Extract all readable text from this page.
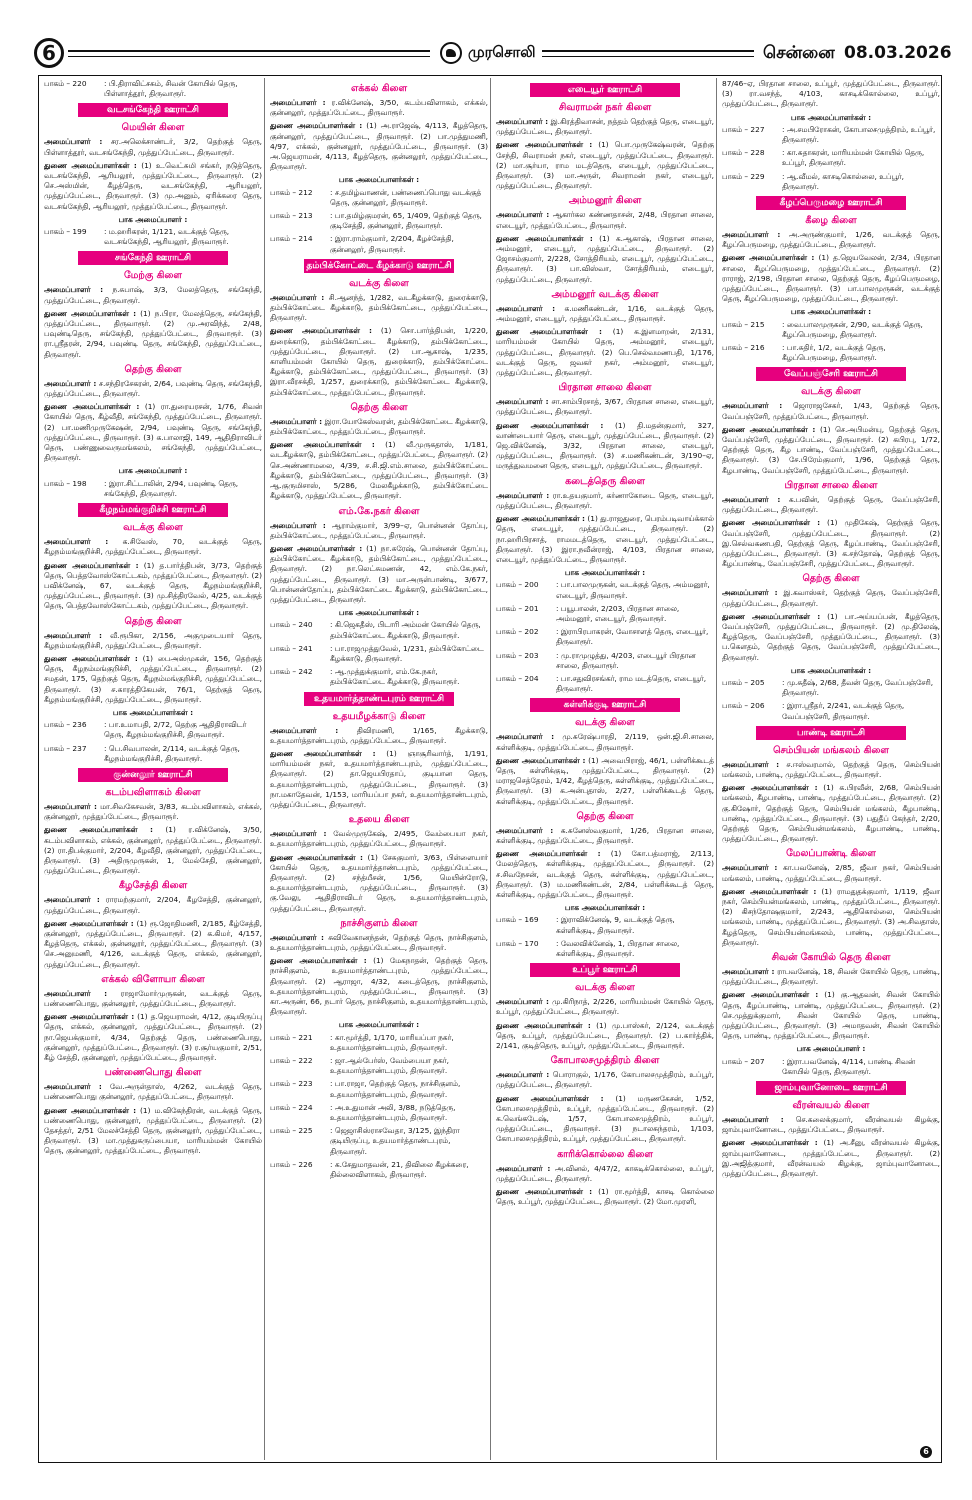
6	முரசொலி	சென்னை 08.03.2026
பாகம் – 220	: பி.திராவிட்சசும், சிவன் கோயில் தெரு, பிள்ளாத்தூர், திருவாரூர்.
வடசங்கேந்தி ஊராட்சி
மெயின் கிளை

அமைப்பாளர் : சர.அலெக்சாண்டர், 3/2, தெற்குத் தெரு, பிள்ளாத்தூர், வடசங்கேந்தி, முத்துப்பேட்டை, திருவாரூர்.

துணை அமைப்பாளர்கள் : (1) உ.வெட்சுமி சங்கர், நடுத்தெரு, வடசங்கேந்தி, ஆரியலூர், முத்துப்பேட்டை, திருவாரூர். (2) செ.அஸ்மின், கீழத்தெரு, வடசங்கேந்தி, ஆரியலூர், முத்துப்பேட்டை, திருவாரூர். (3) மு.அனும், ஏரிக்கரை தெரு, வடசங்கேந்தி, ஆரியலூர், முத்துப்பேட்டை, திருவாரூர்.

பாக அமைப்பாளர் :
பாகம் – 199	: ம.ஹரிகரன், 1/121, வடக்குத் தெரு, வடசங்கேந்தி, ஆரியலூர், திருவாரூர்.
சங்கேந்தி ஊராட்சி
மேற்கு கிளை

அமைப்பாளர் : ந.சுபாஷ், 3/3, மேலத்தெரு, சங்கேந்தி, முத்துப்பேட்டை, திருவாரூர்.

துணை அமைப்பாளர்கள் : (1) ந.பிரா, மேலத்தெரு, சங்கேந்தி, முத்துப்பேட்டை, திருவாரூர். (2) மு.அரவிந்த், 2/48, பவுண்டிதெரு, சங்கேந்தி, முத்துப்பேட்டை, திருவாரூர். (3) ரா.ஸ்ரீதரன், 2/94, பவுண்டி தெரு, சங்கேந்தி, முத்துப்பேட்டை, திருவாரூர்.

தெற்கு கிளை

அமைப்பாளர் : ச.சந்திரசேகரன், 2/64, பவுண்டி தெரு, சங்கேந்தி, முத்துப்பேட்டை, திருவாரூர்.

துணை அமைப்பாளர்கள் : (1) ரா.துரையரசன், 1/76, சிவன் கோயில் தெரு, கீழ்வீதி, சங்கேந்தி, முத்துப்பேட்டை, திருவாரூர். (2) பா.மணிமுருகேஷன், 2/94, பவுண்டி தெரு, சங்கேந்தி, முத்துப்பேட்டை, திருவாரூர். (3) க.பாலாஜி, 149, ஆதிதிராவிடர் தெரு, பண்ணுவைருமங்கலம், சங்கேந்தி, முத்துப்பேட்டை, திருவாரூர்.

பாக அமைப்பாளர் :
பாகம் – 198	: இரா.சிட்டாலின், 2/94, பவுண்டி தெரு, சங்கேந்தி, திருவாரூர்.
கீழநம்மங்குறிச்சி ஊராட்சி
வடக்கு கிளை

அமைப்பாளர் : க.சிவேஸ், 70, வடக்குத் தெரு, கீழநம்மங்குறிச்சி, முத்துப்பேட்டை, திருவாரூர்.

துணை அமைப்பாளர்கள் : (1) த.பார்த்திபன், 3/73, தெற்குத் தெரு, பெத்தவோஸ்கோட்டகம், முத்துப்பேட்டை, திருவாரூர். (2) பவிக்னேஷ், 67, வடக்குத் தெரு, கீழநம்மங்குறிச்சி, முத்துப்பேட்டை, திருவாரூர். (3) மு.சித்திரவேல், 4/25, வடக்குத் தெரு, பெத்தவோஸ்கோட்டகம், முத்துப்பேட்டை, திருவாரூர்.

தெற்கு கிளை

அமைப்பாளர் : வீ.ரூபிகா, 2/156, அகுமுடையார் தெரு, கீழநம்மங்குறிச்சி, முத்துப்பேட்டை, திருவாரூர்.

துணை அமைப்பாளர்கள் : (1) பைஅஸ்முகன், 156, தெற்குத் தெரு, கீழநம்மங்குறிச்சி, முத்துப்பேட்டை, திருவாரூர். (2) சமதன், 175, தெற்குத் தெரு, கீழநம்மங்குறிச்சி, முத்துப்பேட்டை, திருவாரூர். (3) ச.காரத்திகேயன், 76/1, தெற்குத் தெரு, கீழநம்மங்குறிச்சி, முத்துப்பேட்டை, திருவாரூர்.

பாக அமைப்பாளர்கள் :
பாகம் – 236	: பா.உமாபதி, 2/72, தெற்கு ஆதிதிராவிடர் தெரு, கீழநம்மங்குறிச்சி, திருவாரூர்.
பாகம் – 237	: பெ.சிவபாலன், 2/114, வடக்குத் தெரு, கீழநம்மங்குறிச்சி, திருவாரூர்.
குன்னலூர் ஊராட்சி
கடம்பவிளாகம் கிளை

அமைப்பாளர் : மா.சிவகேசவன், 3/83, கடம்பவிளாகம், எக்கல், குன்னலூர், முத்துப்பேட்டை, திருவாரூர்.

துணை அமைப்பாளர்கள் : (1) ர.விக்னேஷ், 3/50, கடம்பவிளாகம், எக்கல், குன்னலூர், முத்துப்பேட்டை, திருவாரூர். (2) ரா.திபக்குமார், 2/204, கீழவீதி, குன்னலூர், முத்துப்பேட்டை, திருவாரூர். (3) அதிருமுருகன், 1, மேல்சேதி, குன்னலூர், முத்துப்பேட்டை, திருவாரூர்.

கீழசேத்தி கிளை

அமைப்பாளர் : ராரமற்குமார், 2/204, கீழசேத்தி, குன்னலூர், முத்துப்பேட்டை, திருவாரூர்.

துணை அமைப்பாளர்கள் : (1) ரூ.ஜோதிமணி, 2/185, கீழ்சேத்தி, குன்னலூர், முத்துப்பேட்டை, திருவாரூர். (2) க.கிமர், 4/157, கீழத்தெரு, எக்கல், குன்னலூர், முத்துப்பேட்டை, திருவாரூர். (3) செ.அனுமணி, 4/126, வடக்குத் தெரு, எக்கல், குன்னலூர், முத்துப்பேட்டை, திருவாரூர்.

எக்கல் விளோயா கிளை

அமைப்பாளர் : ராஜாமோர்முருகன், வடக்குத் தெரு, பண்ணைபொது, குன்னலூர், முத்துப்பேட்டை, திருவாரூர்.

துணை அமைப்பாளர்கள் : (1) த.ஜெயராமன், 4/12, குடியிருப்பு தெரு, எக்கல், குன்னலூர், முத்துப்பேட்டை, திருவாரூர். (2) நா.ஜெயக்குமார், 4/34, தெற்குத் தெரு, பண்ணைபொது, குன்னலூர், முத்துப்பேட்டை, திருவாரூர். (3) ர.சூர்யகுமார், 2/51, கீழ் சேத்தி, குன்னலூர், முத்துப்பேட்டை, திருவாரூர்.

பண்ணைபொது கிளை

அமைப்பாளர் : வே.அருள்தாஸ், 4/262, வடக்குத் தெரு, பண்ணைபொது குன்னலூர், முத்துப்பேட்டை, திருவாரூர்.

துணை அமைப்பாளர்கள் : (1) ம.விகேந்திரன், வடக்குத் தெரு, பண்ணைபொது, குன்னலூர், முத்துப்பேட்டை, திருவாரூர். (2) தேசத்தர், 2/51 மேலச்சேத்தி தெரு, குன்னலூர், முத்துப்பேட்டை, திருவாரூர். (3) மா.முத்துகருப்பையா, மாரியம்மன் கோயில் தெரு, குன்னலூர், முத்துப்பேட்டை, திருவாரூர்.

எக்கல் கிளை

அமைப்பாளர் : ர.விக்னேஷ், 3/50, கடம்பவிளாகம், எக்கல், குன்னலூர், முத்துப்பேட்டை, திருவாரூர்.

துணை அமைப்பாளர்கள் : (1) அ.ராஜேஷ், 4/113, கீழத்தெரு, குன்னலூர், முத்துப்பேட்டை, திருவாரூர். (2) பா.முத்துமணி, 4/97, எக்கல், குன்னலூர், முத்துப்பேட்டை, திருவாரூர். (3) அ.ஜெயராமன், 4/113, கீழத்தெரு, குன்னலூர், முத்துப்பேட்டை, திருவாரூர்.

பாக அமைப்பாளர்கள் :
பாகம் – 212	: ச.தமிழ்வாணன், பண்ணைப்பொது வடக்குத் தெரு, குன்னலூர், திருவாரூர்.
பாகம் – 213	: பா.தமிழ்குமரன், 65, 1/409, தெற்குத் தெரு, குடிசேத்தி, குன்னலூர், திருவாரூர்.
பாகம் – 214	: இரா.ராம்குமார், 2/204, கீழச்சேத்தி, குன்னலூர், திருவாரூர்.
தம்பிக்கோட்டை கீழக்காடு ஊராட்சி
வடக்கு கிளை

அமைப்பாளர் : சி.ஆனந்த், 1/282, வடகீழக்காடு, துரைக்காடு, தம்பிக்கோட்டை கீழக்காடு, தம்பிக்கோட்டை, முத்துப்பேட்டை, திருவாரூர்.

துணை அமைப்பாளர்கள் : (1) சொ.பார்த்திபன், 1/220, துரைக்காடு, தம்பிக்கோட்டை கீழக்காடு, தம்பிக்கோட்டை, முத்துப்பேட்டை, திருவாரூர். (2) பா.ஆகாஷ், 1/235, காளியம்மன் கோயில் தெரு, துரைக்காடு, தம்பிக்கோட்டை கீழக்காடு, தம்பிக்கோட்டை, முத்துப்பேட்டை, திருவாரூர். (3) இரா.வீரசக்தி, 1/257, துரைக்காடு, தம்பிக்கோட்டை கீழக்காடு, தம்பிக்கோட்டை, முத்துப்பேட்டை, திருவாரூர்.

தெற்கு கிளை

அமைப்பாளர் : இரா.யோகேஸ்வரன், தம்பிக்கோட்டை கீழக்காடு, தம்பிக்கோட்டை, முத்துப்பேட்டை, திருவாரூர்.

துணை அமைப்பாளர்கள் : (1) வீ.முருகதாஸ், 1/181, வடகீழக்காடு, தம்பிக்கோட்டை, முத்துப்பேட்டை, திருவாரூர். (2) செ.அண்ணாமலை, 4/39, ச.சி.ஜி.எம்.சாலை, தம்பிக்கோட்டை கீழக்காடு, தம்பிக்கோட்டை, முத்துப்பேட்டை, திருவாரூர். (3) ஆ.குருமிசாஸ், 5/286, மேலகீழக்காடு, தம்பிக்கோட்டை கீழக்காடு, முத்துப்பேட்டை, திருவாரூர்.

எம்.கே.நகர் கிளை

அமைப்பாளர் : ஆராம்குமார், 3/99–ஏ, பொன்னன் தோப்பு, தம்பிக்கோட்டை, முத்துப்பேட்டை, திருவாரூர்.

துணை அமைப்பாளர்கள் : (1) நா.சுரேஷ், பொன்னன் தோப்பு, தம்பிக்கோட்டை கீழக்காடு, தம்பிக்கோட்டை, முத்துப்பேட்டை, திருவாரூர். (2) நா.லெட்சுமணன், 42, எம்.கே.நகர், முத்துப்பேட்டை, திருவாரூர். (3) மா.அருள்பாண்டி, 3/677, பொன்னன்தோப்பு, தம்பிக்கோட்டை கீழக்காடு, தம்பிக்கோட்டை, முத்துப்பேட்டை, திருவாரூர்.

பாக அமைப்பாளர்கள் :
பாகம் – 240	: கி.ஜெகதீஸ், பிடாரி அம்மன் கோயில் தெரு, தம்பிக்கோட்டை கீழக்காடு, திருவாரூர்.
பாகம் – 241	: பா.ராஜமுத்துவேல், 1/231, தம்பிக்கோட்டை கீழக்காடு, திருவாரூர்.
பாகம் – 242	: ஆ.முத்துக்குமார், எம்.கே.நகர், தம்பிக்கோட்டை கீழக்காடு, திருவாரூர்.
உதயமார்த்தாண்டபுரம் ஊராட்சி
உதயமீழக்காடு கிளை

அமைப்பாளர் : திவிரமணி, 1/165, கீழக்காடு, உதயமார்த்தாண்டபுரம், முத்துப்பேட்டை, திருவாரூர்.

துணை அமைப்பாளர்கள் : (1) ஞாசூரிவார்த், 1/191, மாரியம்மன் நகர், உதயமார்த்தாண்டபுரம், முத்துப்பேட்டை, திருவாரூர். (2) தா.ஜெயபிரதாப், குடியான தெரு, உதயமார்த்தாண்டபுரம், முத்துப்பேட்டை, திருவாரூர். (3) நா.மகாதேவன், 1/153, மாரியப்பா நகர், உதயமார்த்தாண்டபுரம், முத்துப்பேட்டை, திருவாரூர்.

உதயை கிளை

அமைப்பாளர் : வேல்முருகேஷ், 2/495, வேம்பையா நகர், உதயமார்த்தாண்டபுரம், முத்துப்பேட்டை, திருவாரூர்.

துணை அமைப்பாளர்கள் : (1) சேசுகுமார், 3/63, பிள்ளையார் கோயில் தெரு, உதயமார்த்தாண்டபுரம், முத்துப்பேட்டை, திருவாரூர். (2) சந்த்யீசன், 1/56, மெயின்ரோடு, உதயமார்த்தாண்டபுரம், முத்துப்பேட்டை, திருவாரூர். (3) கு.வேலு, ஆதிதிராவிடர் தெரு, உதயமார்த்தாண்டபுரம், முத்துப்பேட்டை, திருவாரூர்.

நாச்சிகுளம் கிளை

அமைப்பாளர் : சுவிவேகானந்தன், தெற்குத் தெரு, நாச்சிகுளம், உதயமார்த்தாண்டபுரம், முத்துப்பேட்டை, திருவாரூர்.

துணை அமைப்பாளர்கள் : (1) மேகநாதன், தெற்குத் தெரு, நாச்சிகுளம், உதயமார்த்தாண்டபுரம், முத்துப்பேட்டை, திருவாரூர். (2) ஆராஜா, 4/32, கடைத்தெரு, நாச்சிகுளம், உதயமார்த்தாண்டபுரம், முத்துப்பேட்டை, திருவாரூர். (3) கா.அருண், 66, நடார் தெரு, நாச்சிகுளம், உதயமார்த்தாண்டபுரம், திருவாரூர்.

பாக அமைப்பாளர்கள் :
பாகம் – 221	: கா.மூர்த்தி, 1/170, மாரியப்பா நகர், உதயமார்த்தாண்டபுரம், திருவாரூர்.
பாகம் – 222	: ஜா.ஆல்பேர்ஸ், வேம்பையா நகர், உதயமார்த்தாண்டபுரம், திருவாரூர்.
பாகம் – 223	: பா.ராஜா, தெற்குத் தெரு, நாச்சிகுளம், உதயமார்த்தாண்டபுரம், திருவாரூர்.
பாகம் – 224	: அ.உதுமான் அலி, 3/88, நடுத்தெரு, உதயமார்த்தாண்டபுரம், திருவாரூர்.
பாகம் – 225	: ஜெஜாசிஸ்ராசவேதா, 3/125, இந்திரா குடியிருப்பு, உதயமார்த்தாண்டபுரம், திருவாரூர்.
பாகம் – 226	: க.சேதுமாதவன், 21, திவிலை கீழக்கரை, தில்லைவிளாகம், திருவாரூர்.
எடையூர் ஊராட்சி
சிவராமன் நகர் கிளை

அமைப்பாளர் : இ.கிரத்திவாசன், நத்தம் தெற்குத் தெரு, எடையூர், முத்துப்பேட்டை, திருவாரூர்.

துணை அமைப்பாளர்கள் : (1) பொ.முருகேஷ்வரன், தெற்கு சேந்தி, சிவராமன் நகர், எடையூர், முத்துப்பேட்டை, திருவாரூர். (2) மா.சூர்யா, ராம மடத்தெரு, எடையூர், முத்துப்பேட்டை, திருவாரூர். (3) மா.அருள், சிவராமன் நகர், எடையூர், முத்துப்பேட்டை, திருவாரூர்.

அம்மனூர் கிளை

அமைப்பாளர் : ஆகார்கல கண்ணதாசன், 2/48, பிரதான சாலை, எடையூர், முத்துப்பேட்டை, திருவாரூர்.

துணை அமைப்பாளர்கள் : (1) க.ஆகாஷ், பிரதான சாலை, அம்மனூர், எடையூர், முத்துப்பேட்டை, திருவாரூர். (2) ஜோசம்குமார், 2/228, சோத்திரியம், எடையூர், முத்துப்பேட்டை, திருவாரூர். (3) பா.விஸ்வா, சோத்திரியம், எடையூர், முத்துப்பேட்டை, திருவாரூர்.

அம்மனூர் வடக்கு கிளை

அமைப்பாளர் : க.மணிகண்டன், 1/16, வடக்குத் தெரு, அம்மனூர், எடையூர், முத்துப்பேட்டை, திருவாரூர்.

துணை அமைப்பாளர்கள் : (1) க.இளமாறன், 2/131, மாரியம்மன் கோயில் தெரு, அம்மனூர், எடையூர், முத்துப்பேட்டை, திருவாரூர். (2) பெ.செல்வமணபதி, 1/176, வடக்குத் தெரு, ஜவகர் நகர், அம்மனூர், எடையூர், முத்துப்பேட்டை, திருவாரூர்.

பிரதான சாலை கிளை

அமைப்பாளர் : சா.சாம்பிரசாத், 3/67, பிரதான சாலை, எடையூர், முத்துப்பேட்டை, திருவாரூர்.

துணை அமைப்பாளர்கள் : (1) தி.மதன்குமார், 327, வாண்டையார் தெரு, எடையூர், முத்துப்பேட்டை, திருவாரூர். (2) ஜெ.விக்னேஷ், 3/32, பிரதான சாலை, எடையூர், முத்துப்பேட்டை, திருவாரூர். (3) ச.மணிகண்டன், 3/190–ஏ, மருத்துவமனை தெரு, எடையூர், முத்துப்பேட்டை, திருவாரூர்.

கடைத்தெரு கிளை

அமைப்பாளர் : ரா.உதயகுமார், கர்ணாகோடை தெரு, எடையூர், முத்துப்பேட்டை, திருவாரூர்.

துணை அமைப்பாளர்கள் : (1) து.ராஜதுரை, பெரம்படிவாய்க்கால் தெரு, எடையூர், முத்துப்பேட்டை, திருவாரூர். (2) நா.ஹரிபிரசாத், ராமமடத்தெரு, எடையூர், முத்துப்பேட்டை, திருவாரூர். (3) இரா.நவீன்ராஜ், 4/103, பிரதான சாலை, எடையூர், முத்துப்பேட்டை, திருவாரூர்.

பாக அமைப்பாளர்கள் :
பாகம் – 200	: பா.பாலமுருகன், வடக்குத் தெரு, அம்மனூர், எடையூர், திருவாரூர்.
பாகம் – 201	: பயூபாலன், 2/203, பிரதான சாலை, அம்மனூர், எடையூர், திருவாரூர்.
பாகம் – 202	: இராபிரபாகரன், வோசாளத் தெரு, எடையூர், திருவாரூர்.
பாகம் – 203	: மு.ராமுழுத்து, 4/203, எடையூர் பிரதான சாலை, திருவாரூர்.
பாகம் – 204	: பா.சதுவிரசங்கர், ராம மடத்தெரு, எடையூர், திருவாரூர்.
கள்ளிக்குடி ஊராட்சி
வடக்கு கிளை

அமைப்பாளர் : மு.சுரேஷ்பாரதி, 2/119, ஒன்.ஜி.சி.சாலை, கள்ளிக்குடி, முத்துப்பேட்டை, திருவாரூர்.

துணை அமைப்பாளர்கள் : (1) அவைபிராஜ், 46/1, பள்ளிக்கூடத் தெரு, கள்ளிக்குடி, முத்துப்பேட்டை, திருவாரூர். (2) மராஜசெத்தேரம், 1/42, கீழத்தெரு, கள்ளிக்குடி, முத்துப்பேட்டை, திருவாரூர். (3) க.அன்புதாஸ், 2/27, பள்ளிக்கூடத் தெரு, கள்ளிக்குடி, முத்துப்பேட்டை, திருவாரூர்.

தெற்கு கிளை

அமைப்பாளர் : க.சுனேஸ்வகுமார், 1/26, பிரதான சாலை, கள்ளிக்குடி, முத்துப்பேட்டை, திருவாரூர்.

துணை அமைப்பாளர்கள் : (1) கோ.பத்மராஜ், 2/113, மேலத்தெரு, கள்ளிக்குடி, முத்துப்பேட்டை, திருவாரூர். (2) ச.சிவநேசன், வடக்குத் தெரு, கள்ளிக்குடி, முத்துப்பேட்டை, திருவாரூர். (3) ம.மணிகண்டன், 2/84, பள்ளிக்கூடத் தெரு, கள்ளிக்குடி, முத்துப்பேட்டை, திருவாரூர்.

பாக அமைப்பாளர்கள் :
பாகம் – 169	: இராவிக்னேஷ், 9, வடக்குத் தெரு, கள்ளிக்குடி, திருவாரூர்.
பாகம் – 170	: வேலவிக்னேஷ், 1, பிரதான சாலை, கள்ளிக்குடி, திருவாரூர்.
உப்பூர் ஊராட்சி
வடக்கு கிளை

அமைப்பாளர் : மு.கிரிநாத், 2/226, மாரியம்மன் கோயில் தெரு, உப்பூர், முத்துப்பேட்டை, திருவாரூர்.

துணை அமைப்பாளர்கள் : (1) மு.பாஸ்கர், 2/124, வடக்குத் தெரு, உப்பூர், முத்துப்பேட்டை, திருவாரூர். (2) ப.கார்த்திக், 2/141, குடித்தெரு, உப்பூர், முத்துப்பேட்டை, திருவாரூர்.

கோபாலசமுத்திரம் கிளை

அமைப்பாளர் : பொராகுல், 1/176, கோபாலசமுத்திரம், உப்பூர், முத்துப்பேட்டை, திருவாரூர்.

துணை அமைப்பாளர்கள் : (1) மருணகேசன், 1/52, கோபாலசமுத்திரம், உப்பூர், முத்துப்பேட்டை, திருவாரூர். (2) க.வெங்கடேஷ், 1/57, கோபாலசமுத்திரம், உப்பூர், முத்துப்பேட்டை, திருவாரூர். (3) நடாலசுந்தரம், 1/103, கோபாலசமுத்திரம், உப்பூர், முத்துப்பேட்டை, திருவாரூர்.

காரிக்கொல்லை கிளை

அமைப்பாளர் : அ.வினல், 4/47/2, காசுடிக்கொல்லை, உப்பூர், முத்துப்பேட்டை, திருவாரூர்.

துணை அமைப்பாளர்கள் : (1) ரா.மூர்த்தி, காசடி கொல்லை தெரு, உப்பூர், முத்துப்பேட்டை, திருவாரூர். (2) மோ.முரளி,

87/46–ஏ, பிரதான சாலை, உப்பூர், முத்துப்பேட்டை, திருவாரூர். (3) ரா.வசந்த், 4/103, காசடிக்கொல்லை, உப்பூர், முத்துப்பேட்டை, திருவாரூர்.

பாக அமைப்பாளர்கள் :
பாகம் – 227	: அ.சமபிரோகன், கோபாலசமுத்திரம், உப்பூர், திருவாரூர்.
பாகம் – 228	: கா.சுதாகரன், மாரியம்மன் கோயில் தெரு, உப்பூர், திருவாரூர்.
பாகம் – 229	: ஆ.வீமல், காசடிகொல்லை, உப்பூர், திருவாரூர்.
கீழப்பெருமழை ஊராட்சி
கீழை கிளை

அமைப்பாளர் : அ.அருண்குமார், 1/26, வடக்குத் தெரு, கீழப்பெருமழை, முத்துப்பேட்டை, திருவாரூர்.

துணை அமைப்பாளர்கள் : (1) த.ஜெயவேலன், 2/34, பிரதான சாலை, கீழப்பெருமழை, முத்துப்பேட்டை, திருவாரூர். (2) ராராஜ், 2/198, பிரதான சாலை, தெற்குத் தெரு, கீழப்பெருமழை, முத்துப்பேட்டை, திருவாரூர். (3) பா.பாலமுருகன், வடக்குத் தெரு, கீழப்பெருமழை, முத்துப்பேட்டை, திருவாரூர்.

பாக அமைப்பாளர்கள் :
பாகம் – 215	: வை.பாலமுருகன், 2/90, வடக்குத் தெரு, கீழப்பெருமழை, திருவாரூர்.
பாகம் – 216	: பா.சுதிர், 1/2, வடக்குத் தெரு, கீழப்பெருமழை, திருவாரூர்.
வேப்பஞ்சேரி ஊராட்சி
வடக்கு கிளை

அமைப்பாளர் : ஜொராஜசேகர், 1/43, தெற்குத் தெரு, வேப்பஞ்சேரி, முத்துப்பேட்டை, திருவாரூர்.

துணை அமைப்பாளர்கள் : (1) செ.அபிமன்யு, தெற்குத் தெரு, வேப்பஞ்சேரி, முத்துப்பேட்டை, திருவாரூர். (2) கபிரபு, 1/72, தெற்குத் தெரு, கீழ பாண்டி, வேப்பஞ்சேரி, முத்துப்பேட்டை, திருவாரூர். (3) சே.பிரேம்குமார், 1/96, தெற்குத் தெரு, கீழபாண்டி, வேப்பஞ்சேரி, முத்துப்பேட்டை, திருவாரூர்.

பிரதான சாலை கிளை

அமைப்பாளர் : க.பவின், தெற்குத் தெரு, வேப்பஞ்சேரி, முத்துப்பேட்டை, திருவாரூர்.

துணை அமைப்பாளர்கள் : (1) முதிகேஷ், தெற்குத் தெரு, வேப்பஞ்சேரி, முத்துப்பேட்டை, திருவாரூர். (2) இ.செல்வகணபதி, தெற்குத் தெரு, கீழப்பாண்டி, வேப்பஞ்சேரி, முத்துப்பேட்டை, திருவாரூர். (3) க.சந்தோஷ், தெற்குத் தெரு, கீழப்பாண்டி, வேப்பஞ்சேரி, முத்துப்பேட்டை, திருவாரூர்.

தெற்கு கிளை

அமைப்பாளர் : இ.கவாஸ்கர், தெற்குத் தெரு, வேப்பஞ்சேரி, முத்துப்பேட்டை, திருவாரூர்.

துணை அமைப்பாளர்கள் : (1) பா.அய்யப்பன், கீழத்தெரு, வேப்பஞ்சேரி, முத்துப்பேட்டை, திருவாரூர். (2) மு.திலேஷ், கீழத்தெரு, வேப்பஞ்சேரி, முத்துப்பேட்டை, திருவாரூர். (3) ப.கௌதம், தெற்குத் தெரு, வேப்பஞ்சேரி, முத்துப்பேட்டை, திருவாரூர்.

பாக அமைப்பாளர்கள் :
பாகம் – 205	: மு.சுதீஷ், 2/68, தீவன் தெரு, வேப்பஞ்சேரி, திருவாரூர்.
பாகம் – 206	: இரா.ஸ்ரீதர், 2/241, வடக்குத் தெரு, வேப்பஞ்சேரி, திருவாரூர்.
பாண்டி ஊராட்சி
செம்பியன் மங்கலம் கிளை

அமைப்பாளர் : ச.ஈஸ்வரமால், தெற்குத் தெரு, செம்பியன் மங்கலம், பாண்டி, முத்துப்பேட்டை, திருவாரூர்.

துணை அமைப்பாளர்கள் : (1) க.பிரவீன், 2/68, செம்பியன் மங்கலம், கீழபாண்டி, பாண்டி, முத்துப்பேட்டை, திருவாரூர். (2) கு.கிஷோர், தெற்குத் தெரு, செம்பியன் மங்கலம், கீழபாண்டி, பாண்டி, முத்துப்பேட்டை, திருவாரூர். (3) பதுதீப் கேந்தர், 2/20, தெற்குத் தெரு, செம்பியன்மங்கலம், கீழபாண்டி, பாண்டி, முத்துப்பேட்டை, திருவாரூர்.

மேலப்பாண்டி கிளை

அமைப்பாளர் : கா.பவனேஷ், 2/85, ஜீவா நகர், செம்பியன் மங்கலம், பாண்டி, முத்துப்பேட்டை, திருவாரூர்.

துணை அமைப்பாளர்கள் : (1) ராமதுதக்குமார், 1/119, ஜீவா நகர், செம்பியன்மங்கலம், பாண்டி, முத்துப்பேட்டை, திருவாரூர். (2) கிசந்தோஷகுமார், 2/243, ஆதிகொல்லை, செம்பியன் மங்கலம், பாண்டி, முத்துப்பேட்டை, திருவாரூர். (3) அ.சிவதாஸ், கீழத்தெரு, செம்பியன்மங்கலம், பாண்டி, முத்துப்பேட்டை, திருவாரூர்.

சிவன் கோயில் தெரு கிளை

அமைப்பாளர் : ராபவனேஷ், 18, சிவன் கோயில் தெரு, பாண்டி, முத்துப்பேட்டை, திருவாரூர்.

துணை அமைப்பாளர்கள் : (1) கு.ஆதவன், சிவன் கோயில் தெரு, கீழப்பாண்டி, பாண்டி, முத்துப்பேட்டை, திருவாரூர். (2) செ.முத்துக்குமார், சிவன் கோயில் தெரு, பாண்டி, முத்துப்பேட்டை, திருவாரூர். (3) அமாதவன், சிவன் கோயில் தெரு, பாண்டி, முத்துப்பேட்டை, திருவாரூர்.

பாக அமைப்பாளர் :
பாகம் – 207	: இரா.பவனேஷ், 4/114, பாண்டி சிவன் கோயில் தெரு, திருவாரூர்.
ஜாம்புவானோடை ஊராட்சி
வீரன்வயல் கிளை

அமைப்பாளர் : செ.கலைக்குமார், வீரன்வயல் கிழக்கு, ஜாம்புவானோடை, முத்துப்பேட்டை, திருவாரூர்.

துணை அமைப்பாளர்கள் : (1) அ.சீனு, வீரன்வயல் கிழக்கு, ஜாம்புவானோடை, முத்துப்பேட்டை, திருவாரூர். (2) இ.அஜித்குமார், வீரன்வயல் கிழக்கு, ஜாம்புவானோடை, முத்துப்பேட்டை, திருவாரூர்.

6
